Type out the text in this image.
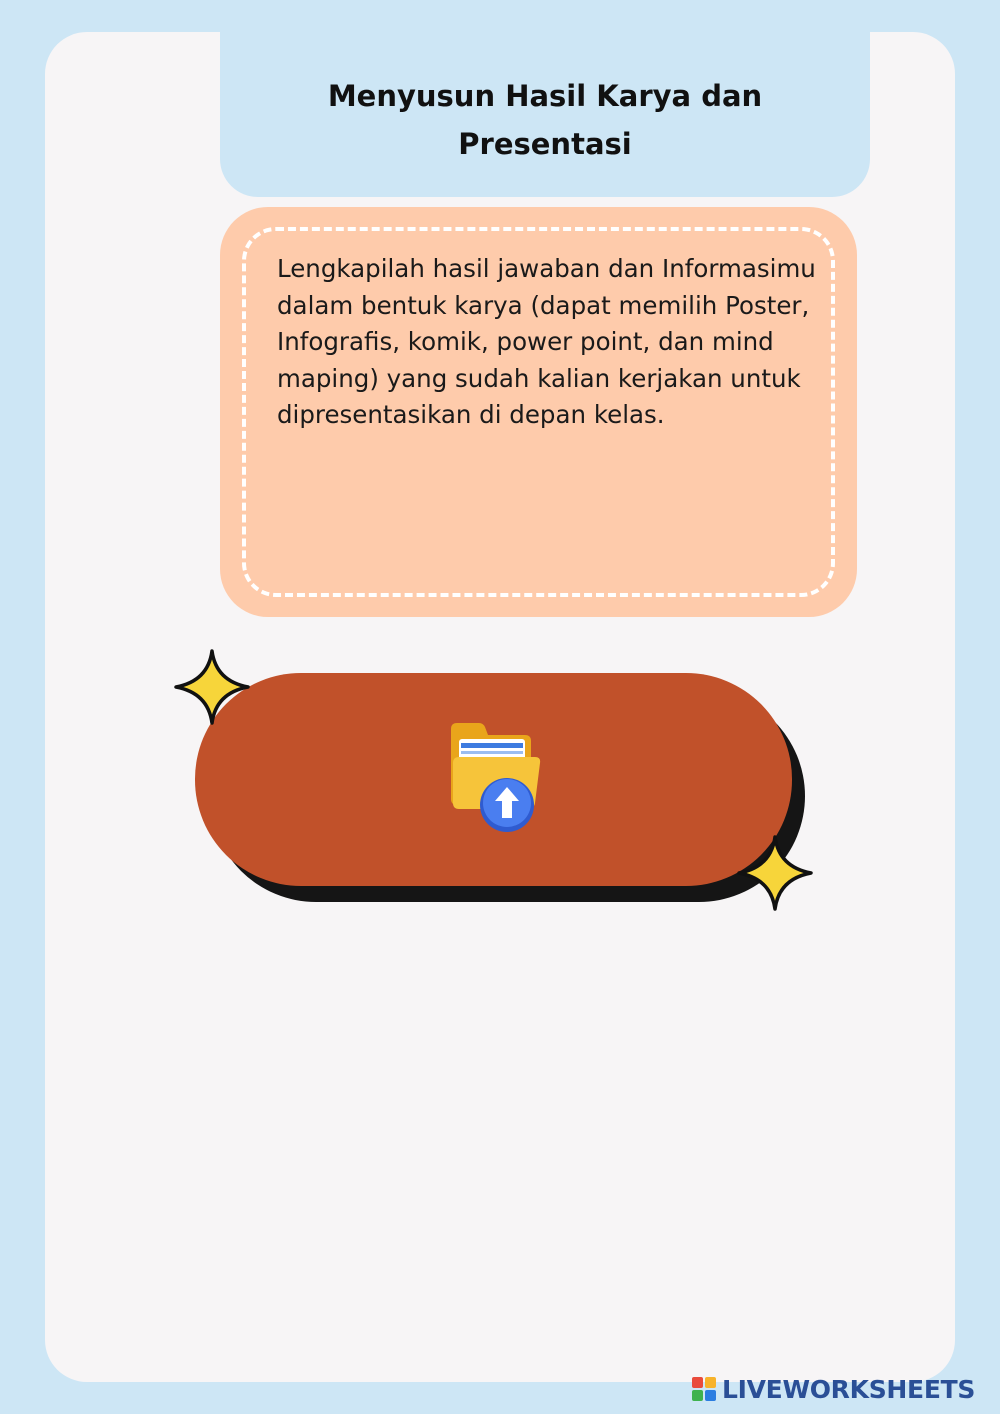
Menyusun Hasil Karya dan Presentasi

Lengkapilah hasil jawaban dan Informasimu dalam bentuk karya (dapat memilih Poster, Infografis, komik, power point, dan mind maping) yang sudah kalian kerjakan untuk dipresentasikan di depan kelas.

LIVEWORKSHEETS
